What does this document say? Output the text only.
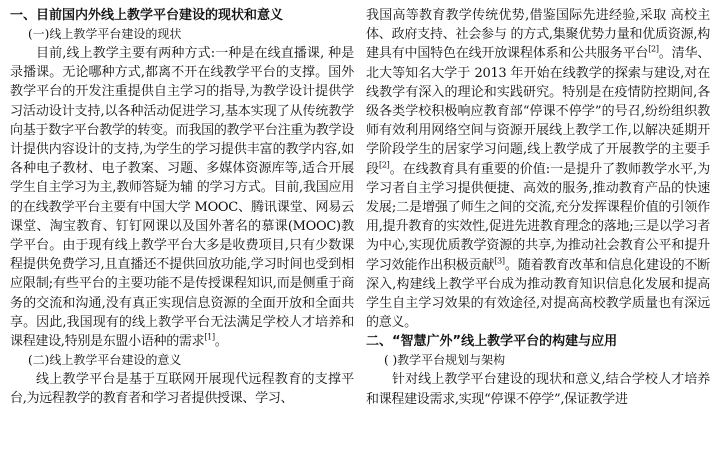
一、目前国内外线上教学平台建设的现状和意义
(一)线上教学平台建设的现状

目前,线上教学主要有两种方式:一种是在线直播课, 种是录播课。无论哪种方式,都离不开在线教学平台的支撑。国外教学平台的开发注重提供自主学习的指导,为教学设计提供学习活动设计支持,以各种活动促进学习,基本实现了从传统教学向基于数字平台教学的转变。而我国的教学平台注重为教学设计提供内容设计的支持,为学生的学习提供丰富的教学内容,如各种电子教材、电子教案、习题、多媒体资源库等,适合开展 学生自主学习为主,教师答疑为辅 的学习方式。目前,我国应用的在线教学平台主要有中国大学 MOOC、腾讯课堂、网易云课堂、淘宝教育、钉钉网课以及国外著名的慕课(MOOC)教学平台。由于现有线上教学平台大多是收费项目,只有少数课程提供免费学习,且直播还不提供回放功能,学习时间也受到相应限制;有些平台的主要功能不是传授课程知识,而是侧重于商务的交流和沟通,没有真正实现信息资源的全面开放和全面共享。因此,我国现有的线上教学平台无法满足学校人才培养和课程建设,特别是东盟小语种的需求[1]。

(二)线上教学平台建设的意义

线上教学平台是基于互联网开展现代远程教育的支撑平台,为远程教学的教育者和学习者提供授课、学习、

我国高等教育教学传统优势,借鉴国际先进经验,采取 高校主体、政府支持、社会参与 的方式,集聚优势力量和优质资源,构建具有中国特色在线开放课程体系和公共服务平台[2]。清华、北大等知名大学于 2013 年开始在线教学的探索与建设,对在线教学有深入的理论和实践研究。特别是在疫情防控期间,各级各类学校积极响应教育部“停课不停学”的号召,纷纷组织教师有效利用网络空间与资源开展线上教学工作,以解决延期开学阶段学生的居家学习问题,线上教学成了开展教学的主要手段[2]。在线教育具有重要的价值:一是提升了教师教学水平,为学习者自主学习提供便捷、高效的服务,推动教育产品的快速发展;二是增强了师生之间的交流,充分发挥课程价值的引领作用,提升教育的实效性,促进先进教育理念的落地;三是以学习者为中心,实现优质教学资源的共享,为推动社会教育公平和提升学习效能作出积极贡献[3]。随着教育改革和信息化建设的不断深入,构建线上教学平台成为推动教育知识信息化发展和提高学生自主学习效果的有效途径,对提高高校教学质量也有深远的意义。

二、“智慧广外”线上教学平台的构建与应用
( )教学平台规划与架构

针对线上教学平台建设的现状和意义,结合学校人才培养和课程建设需求,实现“停课不停学”,保证教学进
